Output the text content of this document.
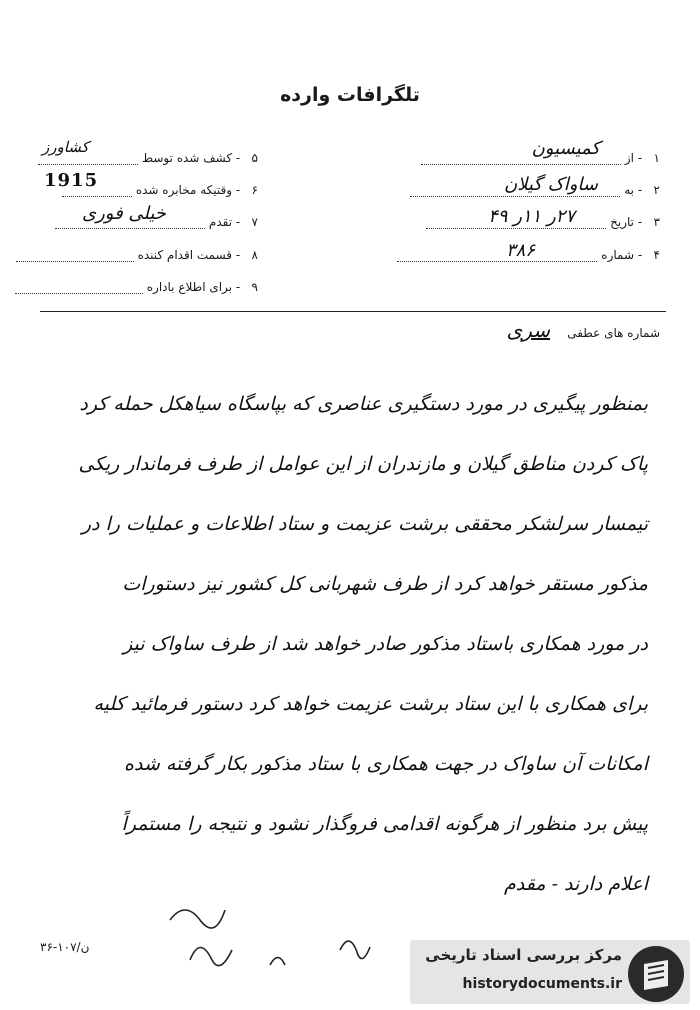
تلگرافات وارده
۱ - از
کمیسیون
۲ - به
ساواک گیلان
۳ - تاریخ
۲۷ر ۱۱ر ۴۹
۴ - شماره
۳۸۶
۵ - کشف شده توسط
کشاورز
۶ - وقتیکه مخابره شده
1915
۷ - تقدم
خیلی فوری
۸ - قسمت اقدام کننده
۹ - برای اطلاع باداره
شماره های عطفی
سری
بمنظور پیگیری در مورد دستگیری عناصری که بپاسگاه سیاهکل حمله کرد
پاک کردن مناطق گیلان و مازندران از این عوامل از طرف فرماندار ریکی
تیمسار سرلشکر محققی برشت عزیمت و ستاد اطلاعات و عملیات را در
مذکور مستقر خواهد کرد از طرف شهربانی کل کشور نیز دستورات
در مورد همکاری باستاد مذکور صادر خواهد شد از طرف ساواک نیز
برای همکاری با این ستاد برشت عزیمت خواهد کرد دستور فرمائید کلیه
امکانات آن ساواک در جهت همکاری با ستاد مذکور بکار گرفته شده
پیش برد منظور از هرگونه اقدامی فروگذار نشود و نتیجه را مستمراً
اعلام دارند - مقدم
۳۶-۱۰۷/ن	مرکز بررسی اسناد تاریخی
historydocuments.ir
